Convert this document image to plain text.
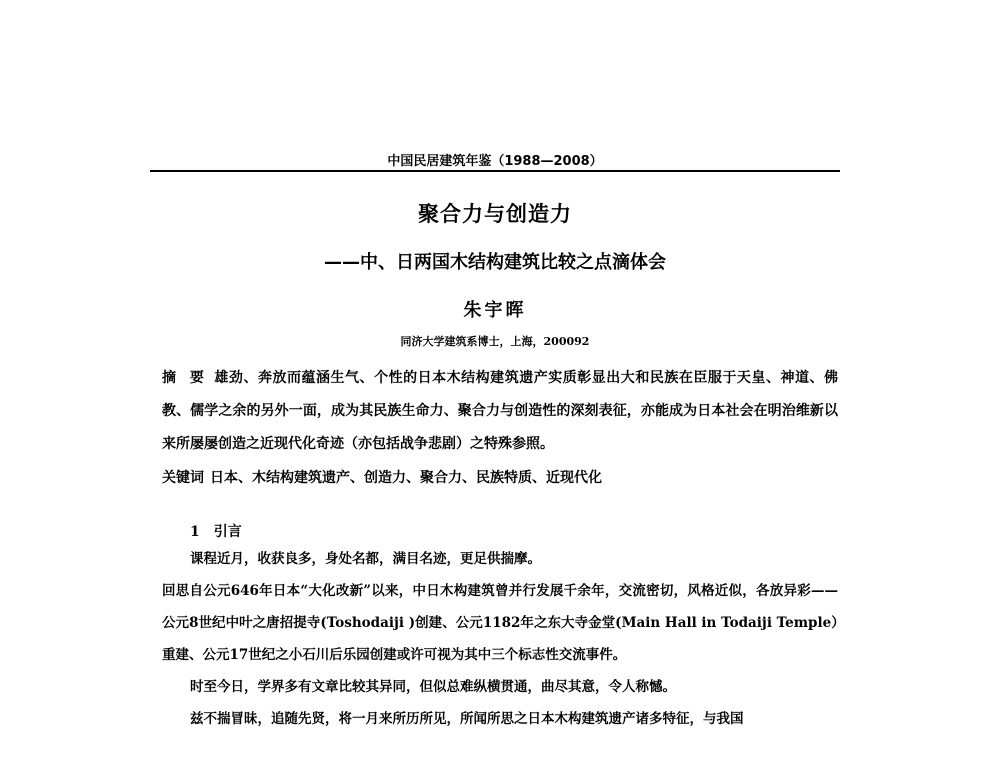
中国民居建筑年鉴（1988—2008）
聚合力与创造力
——中、日两国木结构建筑比较之点滴体会
朱宇晖
同济大学建筑系博士，上海，200092
摘 要 雄劲、奔放而蕴涵生气、个性的日本木结构建筑遗产实质彰显出大和民族在臣服于天皇、神道、佛教、儒学之余的另外一面，成为其民族生命力、聚合力与创造性的深刻表征，亦能成为日本社会在明治维新以来所屡屡创造之近现代化奇迹（亦包括战争悲剧）之特殊参照。
关键词 日本、木结构建筑遗产、创造力、聚合力、民族特质、近现代化
1 引言

课程近月，收获良多，身处名都，满目名迹，更足供揣摩。

回思自公元646年日本“大化改新”以来，中日木构建筑曾并行发展千余年，交流密切，风格近似，各放异彩——公元8世纪中叶之唐招提寺(Toshodaiji )创建、公元1182年之东大寺金堂(Main Hall in Todaiji Temple）重建、公元17世纪之小石川后乐园创建或许可视为其中三个标志性交流事件。

时至今日，学界多有文章比较其异同，但似总难纵横贯通，曲尽其意，令人称憾。

兹不揣冒昧，追随先贤，将一月来所历所见，所闻所思之日本木构建筑遗产诸多特征，与我国
